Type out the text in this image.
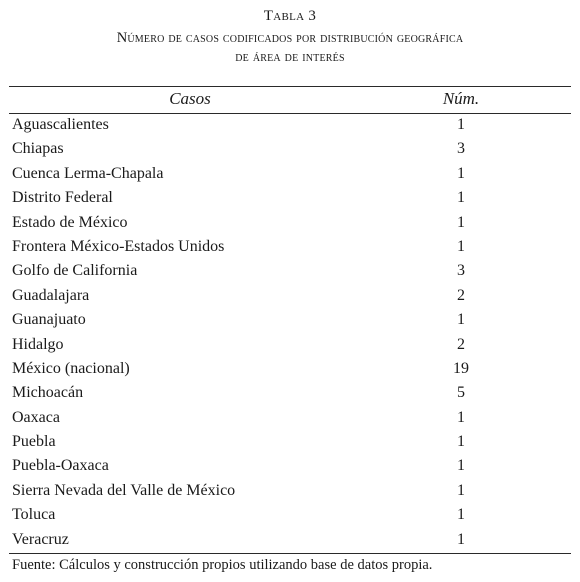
Tabla 3
Número de casos codificados por distribución geográfica
de área de interés
Casos	Núm.
Aguascalientes	1
Chiapas	3
Cuenca Lerma-Chapala	1
Distrito Federal	1
Estado de México	1
Frontera México-Estados Unidos	1
Golfo de California	3
Guadalajara	2
Guanajuato	1
Hidalgo	2
México (nacional)	19
Michoacán	5
Oaxaca	1
Puebla	1
Puebla-Oaxaca	1
Sierra Nevada del Valle de México	1
Toluca	1
Veracruz	1
Fuente: Cálculos y construcción propios utilizando base de datos propia.
